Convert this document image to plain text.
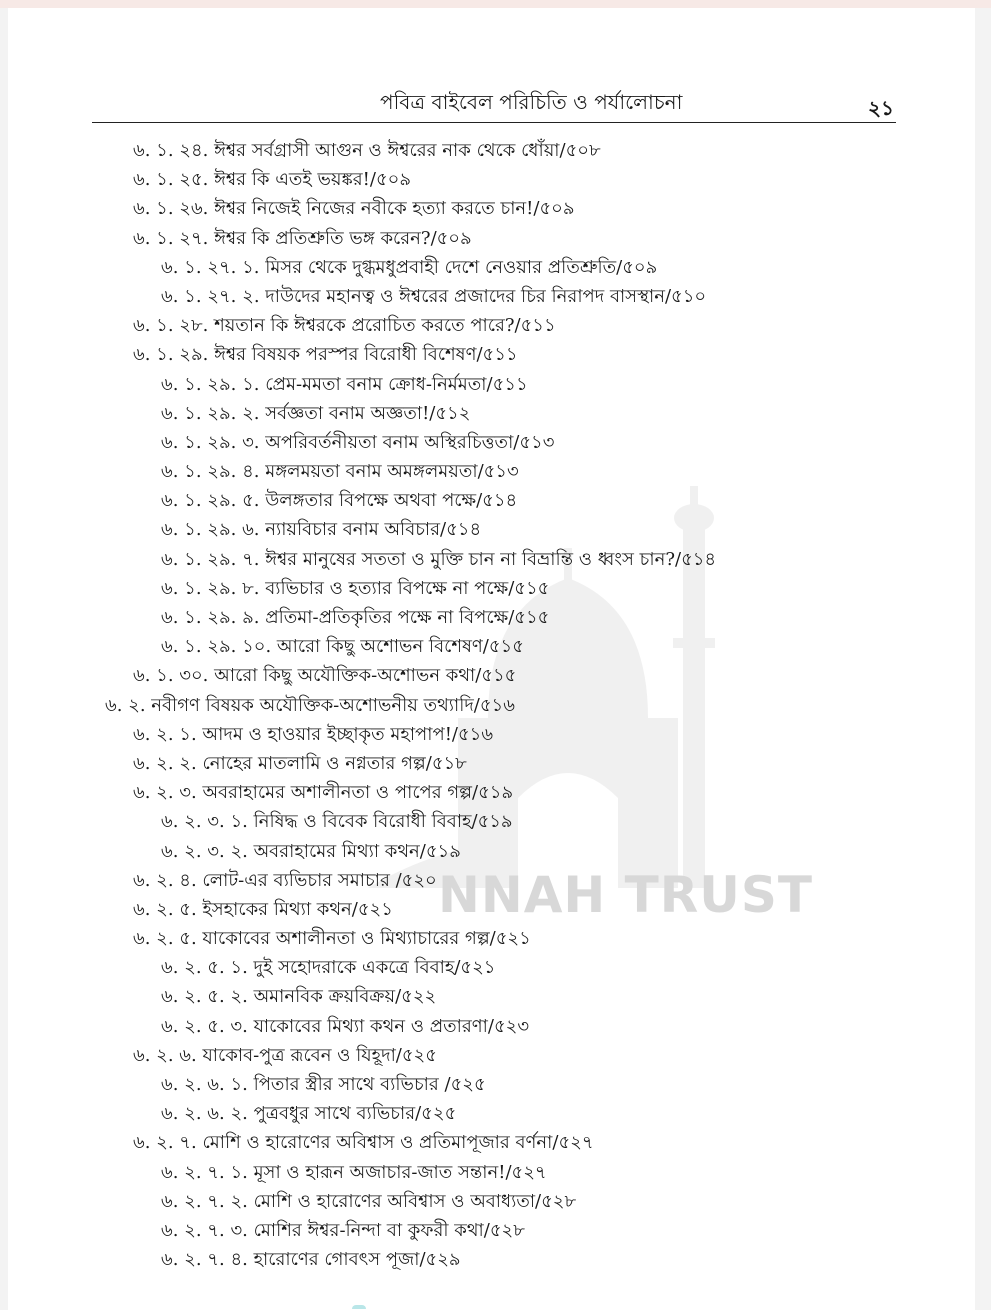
NNAH TRUST
পবিত্র বাইবেল পরিচিতি ও পর্যালোচনা	২১
৬. ১. ২৪. ঈশ্বর সর্বগ্রাসী আগুন ও ঈশ্বরের নাক থেকে ধোঁয়া/৫০৮
৬. ১. ২৫. ঈশ্বর কি এতই ভয়ঙ্কর!/৫০৯
৬. ১. ২৬. ঈশ্বর নিজেই নিজের নবীকে হত্যা করতে চান!/৫০৯
৬. ১. ২৭. ঈশ্বর কি প্রতিশ্রুতি ভঙ্গ করেন?/৫০৯
৬. ১. ২৭. ১. মিসর থেকে দুগ্ধমধুপ্রবাহী দেশে নেওয়ার প্রতিশ্রুতি/৫০৯
৬. ১. ২৭. ২. দাউদের মহানত্ব ও ঈশ্বরের প্রজাদের চির নিরাপদ বাসস্থান/৫১০
৬. ১. ২৮. শয়তান কি ঈশ্বরকে প্ররোচিত করতে পারে?/৫১১
৬. ১. ২৯. ঈশ্বর বিষয়ক পরস্পর বিরোধী বিশেষণ/৫১১
৬. ১. ২৯. ১. প্রেম-মমতা বনাম ক্রোধ-নির্মমতা/৫১১
৬. ১. ২৯. ২. সর্বজ্ঞতা বনাম অজ্ঞতা!/৫১২
৬. ১. ২৯. ৩. অপরিবর্তনীয়তা বনাম অস্থিরচিত্ততা/৫১৩
৬. ১. ২৯. ৪. মঙ্গলময়তা বনাম অমঙ্গলময়তা/৫১৩
৬. ১. ২৯. ৫. উলঙ্গতার বিপক্ষে অথবা পক্ষে/৫১৪
৬. ১. ২৯. ৬. ন্যায়বিচার বনাম অবিচার/৫১৪
৬. ১. ২৯. ৭. ঈশ্বর মানুষের সততা ও মুক্তি চান না বিভ্রান্তি ও ধ্বংস চান?/৫১৪
৬. ১. ২৯. ৮. ব্যভিচার ও হত্যার বিপক্ষে না পক্ষে/৫১৫
৬. ১. ২৯. ৯. প্রতিমা-প্রতিকৃতির পক্ষে না বিপক্ষে/৫১৫
৬. ১. ২৯. ১০. আরো কিছু অশোভন বিশেষণ/৫১৫
৬. ১. ৩০. আরো কিছু অযৌক্তিক-অশোভন কথা/৫১৫
৬. ২. নবীগণ বিষয়ক অযৌক্তিক-অশোভনীয় তথ্যাদি/৫১৬
৬. ২. ১. আদম ও হাওয়ার ইচ্ছাকৃত মহাপাপ!/৫১৬
৬. ২. ২. নোহের মাতলামি ও নগ্নতার গল্প/৫১৮
৬. ২. ৩. অবরাহামের অশালীনতা ও পাপের গল্প/৫১৯
৬. ২. ৩. ১. নিষিদ্ধ ও বিবেক বিরোধী বিবাহ/৫১৯
৬. ২. ৩. ২. অবরাহামের মিথ্যা কথন/৫১৯
৬. ২. ৪. লোট-এর ব্যভিচার সমাচার /৫২০
৬. ২. ৫. ইসহাকের মিথ্যা কথন/৫২১
৬. ২. ৫. যাকোবের অশালীনতা ও মিথ্যাচারের গল্প/৫২১
৬. ২. ৫. ১. দুই সহোদরাকে একত্রে বিবাহ/৫২১
৬. ২. ৫. ২. অমানবিক ক্রয়বিক্রয়/৫২২
৬. ২. ৫. ৩. যাকোবের মিথ্যা কথন ও প্রতারণা/৫২৩
৬. ২. ৬. যাকোব-পুত্র রূবেন ও যিহূদা/৫২৫
৬. ২. ৬. ১. পিতার স্ত্রীর সাথে ব্যভিচার /৫২৫
৬. ২. ৬. ২. পুত্রবধুর সাথে ব্যভিচার/৫২৫
৬. ২. ৭. মোশি ও হারোণের অবিশ্বাস ও প্রতিমাপূজার বর্ণনা/৫২৭
৬. ২. ৭. ১. মূসা ও হারূন অজাচার-জাত সন্তান!/৫২৭
৬. ২. ৭. ২. মোশি ও হারোণের অবিশ্বাস ও অবাধ্যতা/৫২৮
৬. ২. ৭. ৩. মোশির ঈশ্বর-নিন্দা বা কুফরী কথা/৫২৮
৬. ২. ৭. ৪. হারোণের গোবৎস পূজা/৫২৯
